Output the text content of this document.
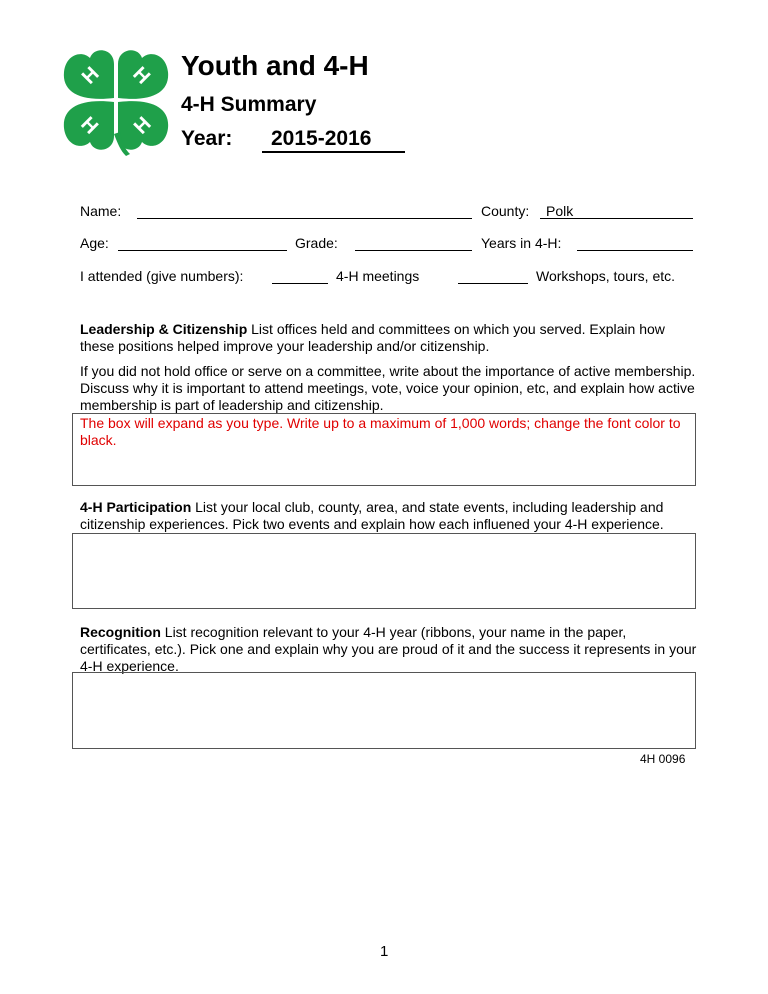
H H
H H
Youth and 4-H
4-H Summary
Year: 2015-2016
Name:	County: Polk
Age:	Grade:	Years in 4-H:
I attended (give numbers):	4-H meetings	Workshops, tours, etc.
Leadership & Citizenship List offices held and committees on which you served. Explain how these positions helped improve your leadership and/or citizenship.
If you did not hold office or serve on a committee, write about the importance of active membership. Discuss why it is important to attend meetings, vote, voice your opinion, etc, and explain how active membership is part of leadership and citizenship.
The box will expand as you type. Write up to a maximum of 1,000 words; change the font color to black.
4-H Participation List your local club, county, area, and state events, including leadership and citizenship experiences. Pick two events and explain how each influened your 4-H experience.
Recognition List recognition relevant to your 4-H year (ribbons, your name in the paper, certificates, etc.). Pick one and explain why you are proud of it and the success it represents in your 4-H experience.
4H 0096
1
